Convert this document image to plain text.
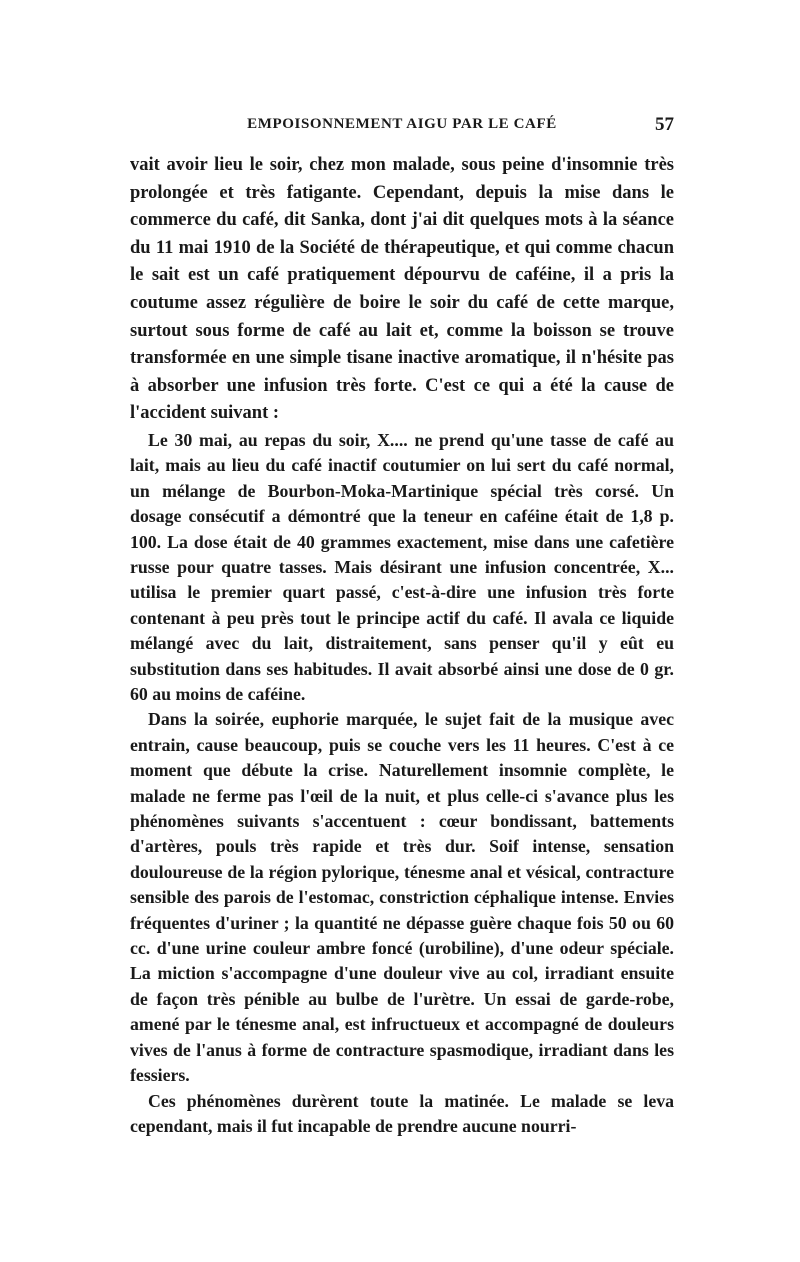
EMPOISONNEMENT AIGU PAR LE CAFÉ	57

vait avoir lieu le soir, chez mon malade, sous peine d'insomnie très prolongée et très fatigante. Cependant, depuis la mise dans le commerce du café, dit Sanka, dont j'ai dit quelques mots à la séance du 11 mai 1910 de la Société de thérapeutique, et qui comme chacun le sait est un café pratiquement dépourvu de caféine, il a pris la coutume assez régulière de boire le soir du café de cette marque, surtout sous forme de café au lait et, comme la boisson se trouve transformée en une simple tisane inactive aromatique, il n'hésite pas à absorber une infusion très forte. C'est ce qui a été la cause de l'accident suivant :

Le 30 mai, au repas du soir, X.... ne prend qu'une tasse de café au lait, mais au lieu du café inactif coutumier on lui sert du café normal, un mélange de Bourbon-Moka-Martinique spécial très corsé. Un dosage consécutif a démontré que la teneur en caféine était de 1,8 p. 100. La dose était de 40 grammes exactement, mise dans une cafetière russe pour quatre tasses. Mais désirant une infusion concentrée, X... utilisa le premier quart passé, c'est-à-dire une infusion très forte contenant à peu près tout le principe actif du café. Il avala ce liquide mélangé avec du lait, distraitement, sans penser qu'il y eût eu substitution dans ses habitudes. Il avait absorbé ainsi une dose de 0 gr. 60 au moins de caféine.

Dans la soirée, euphorie marquée, le sujet fait de la musique avec entrain, cause beaucoup, puis se couche vers les 11 heures. C'est à ce moment que débute la crise. Naturellement insomnie complète, le malade ne ferme pas l'œil de la nuit, et plus celle-ci s'avance plus les phénomènes suivants s'accentuent : cœur bondissant, battements d'artères, pouls très rapide et très dur. Soif intense, sensation douloureuse de la région pylorique, ténesme anal et vésical, contracture sensible des parois de l'estomac, constriction céphalique intense. Envies fréquentes d'uriner ; la quantité ne dépasse guère chaque fois 50 ou 60 cc. d'une urine couleur ambre foncé (urobiline), d'une odeur spéciale. La miction s'accompagne d'une douleur vive au col, irradiant ensuite de façon très pénible au bulbe de l'urètre. Un essai de garde-robe, amené par le ténesme anal, est infructueux et accompagné de douleurs vives de l'anus à forme de contracture spasmodique, irradiant dans les fessiers.

Ces phénomènes durèrent toute la matinée. Le malade se leva cependant, mais il fut incapable de prendre aucune nourri-
